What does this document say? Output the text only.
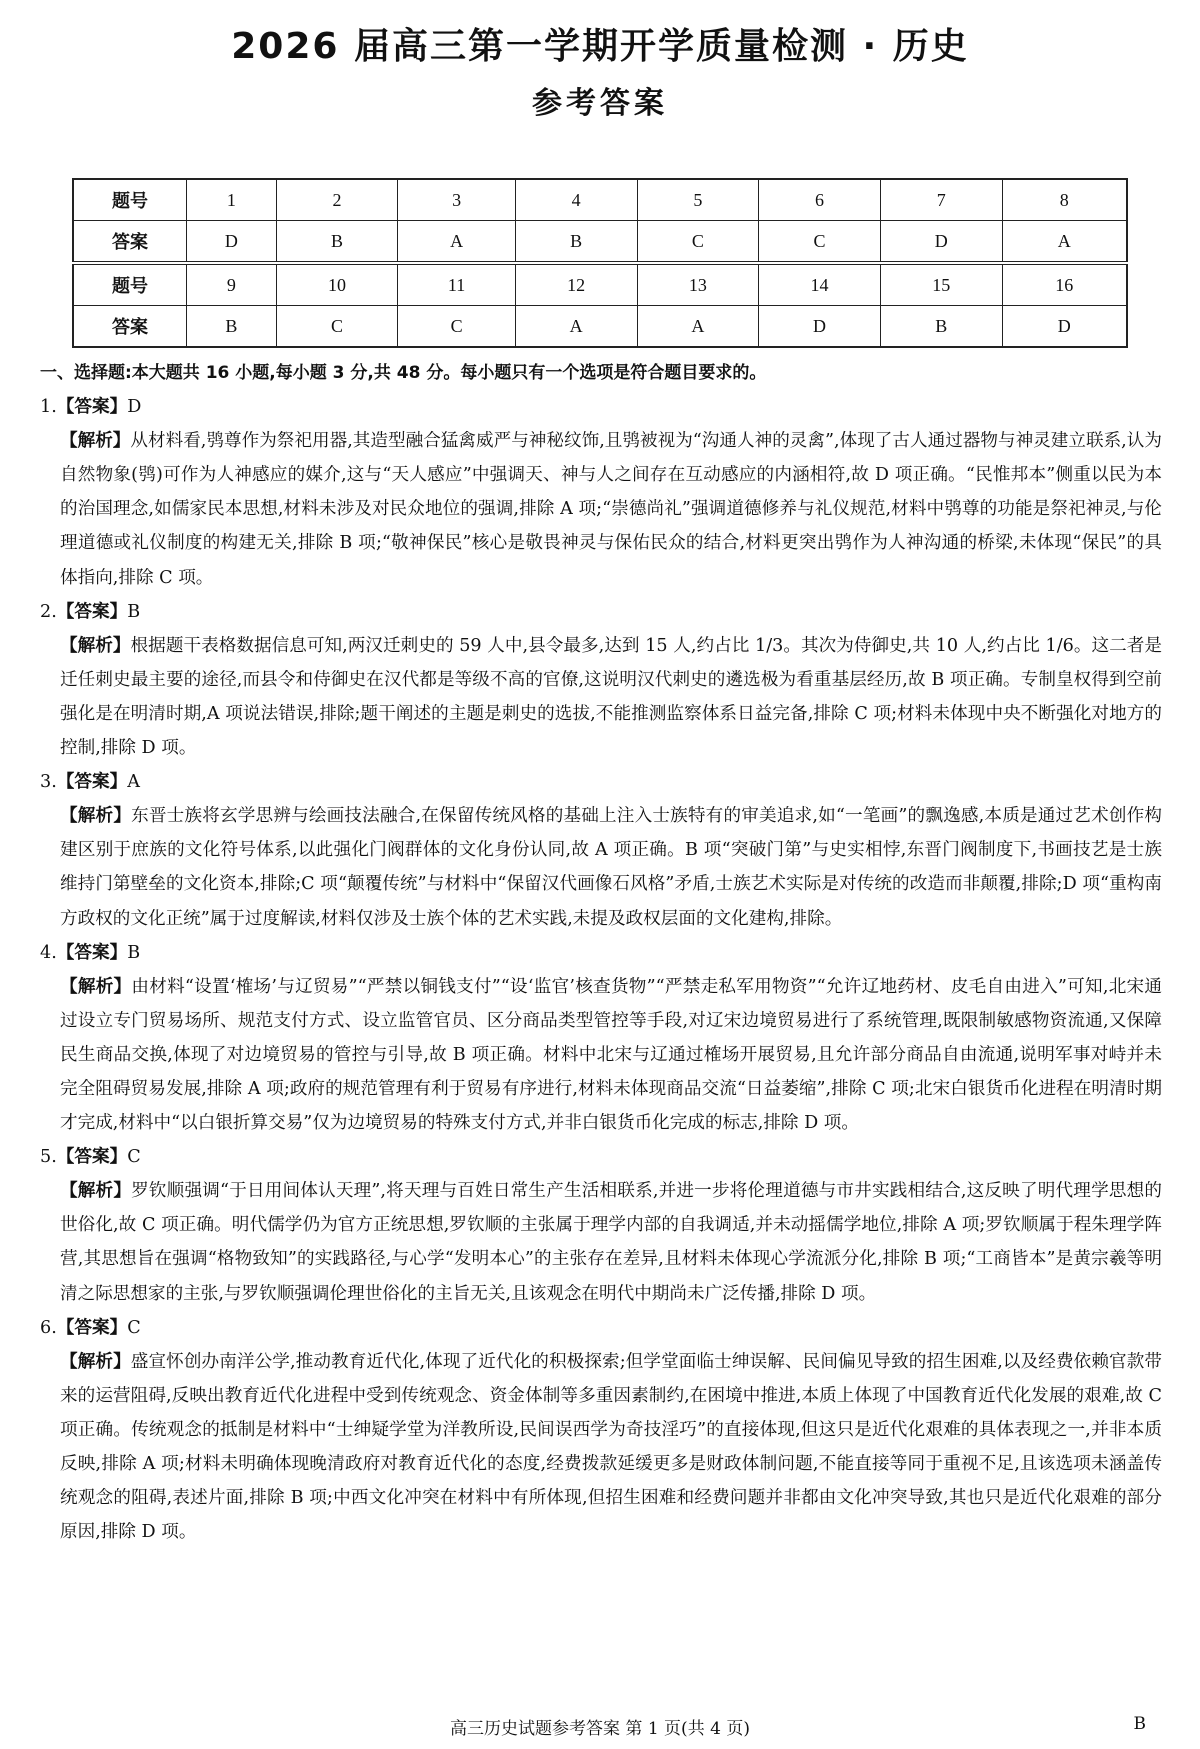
2026 届高三第一学期开学质量检测 · 历史
参考答案
题号	1	2	3	4	5	6	7	8
答案	D	B	A	B	C	C	D	A
题号	9	10	11	12	13	14	15	16
答案	B	C	C	A	A	D	B	D
一、选择题:本大题共 16 小题,每小题 3 分,共 48 分。每小题只有一个选项是符合题目要求的。
1.【答案】D
【解析】从材料看,鸮尊作为祭祀用器,其造型融合猛禽威严与神秘纹饰,且鸮被视为“沟通人神的灵禽”,体现了古人通过器物与神灵建立联系,认为自然物象(鸮)可作为人神感应的媒介,这与“天人感应”中强调天、神与人之间存在互动感应的内涵相符,故 D 项正确。“民惟邦本”侧重以民为本的治国理念,如儒家民本思想,材料未涉及对民众地位的强调,排除 A 项;“崇德尚礼”强调道德修养与礼仪规范,材料中鸮尊的功能是祭祀神灵,与伦理道德或礼仪制度的构建无关,排除 B 项;“敬神保民”核心是敬畏神灵与保佑民众的结合,材料更突出鸮作为人神沟通的桥梁,未体现“保民”的具体指向,排除 C 项。
2.【答案】B
【解析】根据题干表格数据信息可知,两汉迁刺史的 59 人中,县令最多,达到 15 人,约占比 1/3。其次为侍御史,共 10 人,约占比 1/6。这二者是迁任刺史最主要的途径,而县令和侍御史在汉代都是等级不高的官僚,这说明汉代刺史的遴选极为看重基层经历,故 B 项正确。专制皇权得到空前强化是在明清时期,A 项说法错误,排除;题干阐述的主题是刺史的选拔,不能推测监察体系日益完备,排除 C 项;材料未体现中央不断强化对地方的控制,排除 D 项。
3.【答案】A
【解析】东晋士族将玄学思辨与绘画技法融合,在保留传统风格的基础上注入士族特有的审美追求,如“一笔画”的飘逸感,本质是通过艺术创作构建区别于庶族的文化符号体系,以此强化门阀群体的文化身份认同,故 A 项正确。B 项“突破门第”与史实相悖,东晋门阀制度下,书画技艺是士族维持门第壁垒的文化资本,排除;C 项“颠覆传统”与材料中“保留汉代画像石风格”矛盾,士族艺术实际是对传统的改造而非颠覆,排除;D 项“重构南方政权的文化正统”属于过度解读,材料仅涉及士族个体的艺术实践,未提及政权层面的文化建构,排除。
4.【答案】B
【解析】由材料“设置‘榷场’与辽贸易”“严禁以铜钱支付”“设‘监官’核查货物”“严禁走私军用物资”“允许辽地药材、皮毛自由进入”可知,北宋通过设立专门贸易场所、规范支付方式、设立监管官员、区分商品类型管控等手段,对辽宋边境贸易进行了系统管理,既限制敏感物资流通,又保障民生商品交换,体现了对边境贸易的管控与引导,故 B 项正确。材料中北宋与辽通过榷场开展贸易,且允许部分商品自由流通,说明军事对峙并未完全阻碍贸易发展,排除 A 项;政府的规范管理有利于贸易有序进行,材料未体现商品交流“日益萎缩”,排除 C 项;北宋白银货币化进程在明清时期才完成,材料中“以白银折算交易”仅为边境贸易的特殊支付方式,并非白银货币化完成的标志,排除 D 项。
5.【答案】C
【解析】罗钦顺强调“于日用间体认天理”,将天理与百姓日常生产生活相联系,并进一步将伦理道德与市井实践相结合,这反映了明代理学思想的世俗化,故 C 项正确。明代儒学仍为官方正统思想,罗钦顺的主张属于理学内部的自我调适,并未动摇儒学地位,排除 A 项;罗钦顺属于程朱理学阵营,其思想旨在强调“格物致知”的实践路径,与心学“发明本心”的主张存在差异,且材料未体现心学流派分化,排除 B 项;“工商皆本”是黄宗羲等明清之际思想家的主张,与罗钦顺强调伦理世俗化的主旨无关,且该观念在明代中期尚未广泛传播,排除 D 项。
6.【答案】C
【解析】盛宣怀创办南洋公学,推动教育近代化,体现了近代化的积极探索;但学堂面临士绅误解、民间偏见导致的招生困难,以及经费依赖官款带来的运营阻碍,反映出教育近代化进程中受到传统观念、资金体制等多重因素制约,在困境中推进,本质上体现了中国教育近代化发展的艰难,故 C 项正确。传统观念的抵制是材料中“士绅疑学堂为洋教所设,民间误西学为奇技淫巧”的直接体现,但这只是近代化艰难的具体表现之一,并非本质反映,排除 A 项;材料未明确体现晚清政府对教育近代化的态度,经费拨款延缓更多是财政体制问题,不能直接等同于重视不足,且该选项未涵盖传统观念的阻碍,表述片面,排除 B 项;中西文化冲突在材料中有所体现,但招生困难和经费问题并非都由文化冲突导致,其也只是近代化艰难的部分原因,排除 D 项。
高三历史试题参考答案 第 1 页(共 4 页)	B
